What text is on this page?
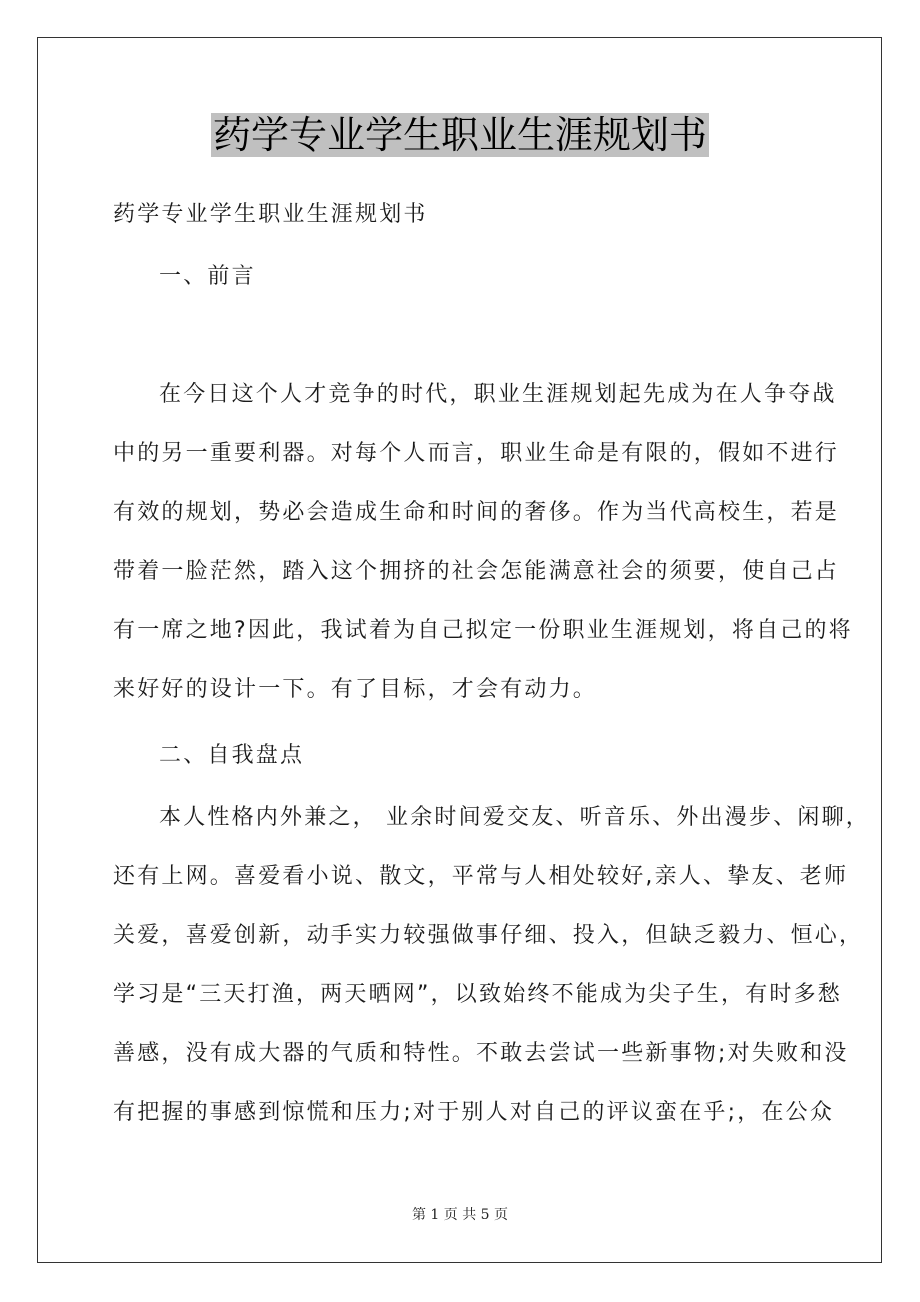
药学专业学生职业生涯规划书
药学专业学生职业生涯规划书
一、前言
在今日这个人才竞争的时代，职业生涯规划起先成为在人争夺战
中的另一重要利器。对每个人而言，职业生命是有限的，假如不进行
有效的规划，势必会造成生命和时间的奢侈。作为当代高校生，若是
带着一脸茫然，踏入这个拥挤的社会怎能满意社会的须要，使自己占
有一席之地?因此，我试着为自己拟定一份职业生涯规划，将自己的将
来好好的设计一下。有了目标，才会有动力。
二、自我盘点
本人性格内外兼之， 业余时间爱交友、听音乐、外出漫步、闲聊，
还有上网。喜爱看小说、散文，平常与人相处较好,亲人、挚友、老师
关爱，喜爱创新，动手实力较强做事仔细、投入，但缺乏毅力、恒心，
学习是“三天打渔，两天晒网”，以致始终不能成为尖子生，有时多愁
善感，没有成大器的气质和特性。不敢去尝试一些新事物;对失败和没
有把握的事感到惊慌和压力;对于别人对自己的评议蛮在乎;，在公众
第 1 页 共 5 页
